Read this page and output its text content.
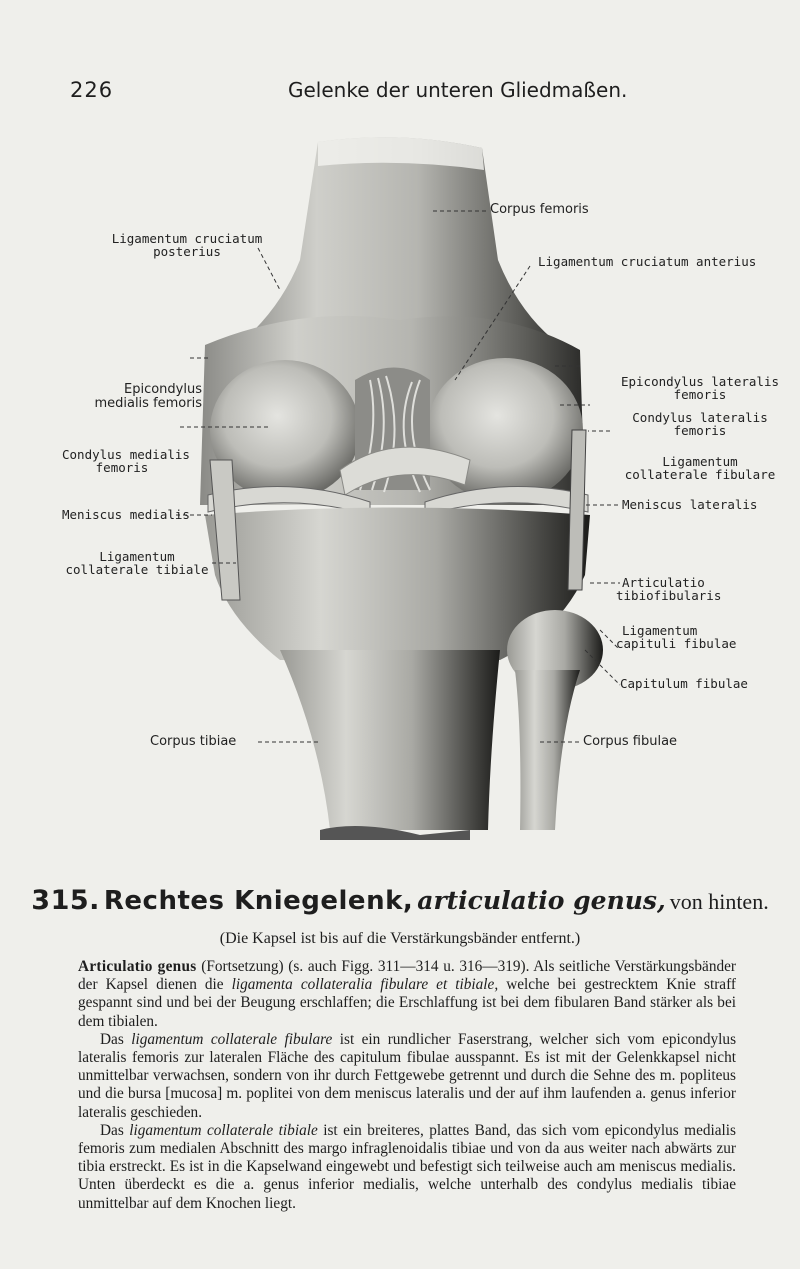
226	Gelenke der unteren Gliedmaßen.
Corpus femoris
Ligamentum cruciatum
posterius
Ligamentum cruciatum anterius
Epicondylus
medialis femoris
Epicondylus lateralis
femoris
Condylus lateralis
femoris
Condylus medialis
femoris	Ligamentum
collaterale fibulare
Meniscus medialis
Meniscus lateralis
Ligamentum
collaterale tibiale
Articulatio
tibiofibularis
Ligamentum
capituli fibulae
Capitulum fibulae
Corpus tibiae	Corpus fibulae
315. Rechtes Kniegelenk, articulatio genus, von hinten.
(Die Kapsel ist bis auf die Verstärkungsbänder entfernt.)

Articulatio genus (Fortsetzung) (s. auch Figg. 311—314 u. 316—319). Als seitliche Verstärkungsbänder der Kapsel dienen die ligamenta collateralia fibulare et tibiale, welche bei gestrecktem Knie straff gespannt sind und bei der Beugung erschlaffen; die Erschlaffung ist bei dem fibularen Band stärker als bei dem tibialen.

Das ligamentum collaterale fibulare ist ein rundlicher Faserstrang, welcher sich vom epicondylus lateralis femoris zur lateralen Fläche des capitulum fibulae ausspannt. Es ist mit der Gelenkkapsel nicht unmittelbar verwachsen, sondern von ihr durch Fettgewebe getrennt und durch die Sehne des m. popliteus und die bursa [mucosa] m. poplitei von dem meniscus lateralis und der auf ihm laufenden a. genus inferior lateralis geschieden.

Das ligamentum collaterale tibiale ist ein breiteres, plattes Band, das sich vom epicondylus medialis femoris zum medialen Abschnitt des margo infraglenoidalis tibiae und von da aus weiter nach abwärts zur tibia erstreckt. Es ist in die Kapselwand eingewebt und befestigt sich teilweise auch am meniscus medialis. Unten überdeckt es die a. genus inferior medialis, welche unterhalb des condylus medialis tibiae unmittelbar auf dem Knochen liegt.
